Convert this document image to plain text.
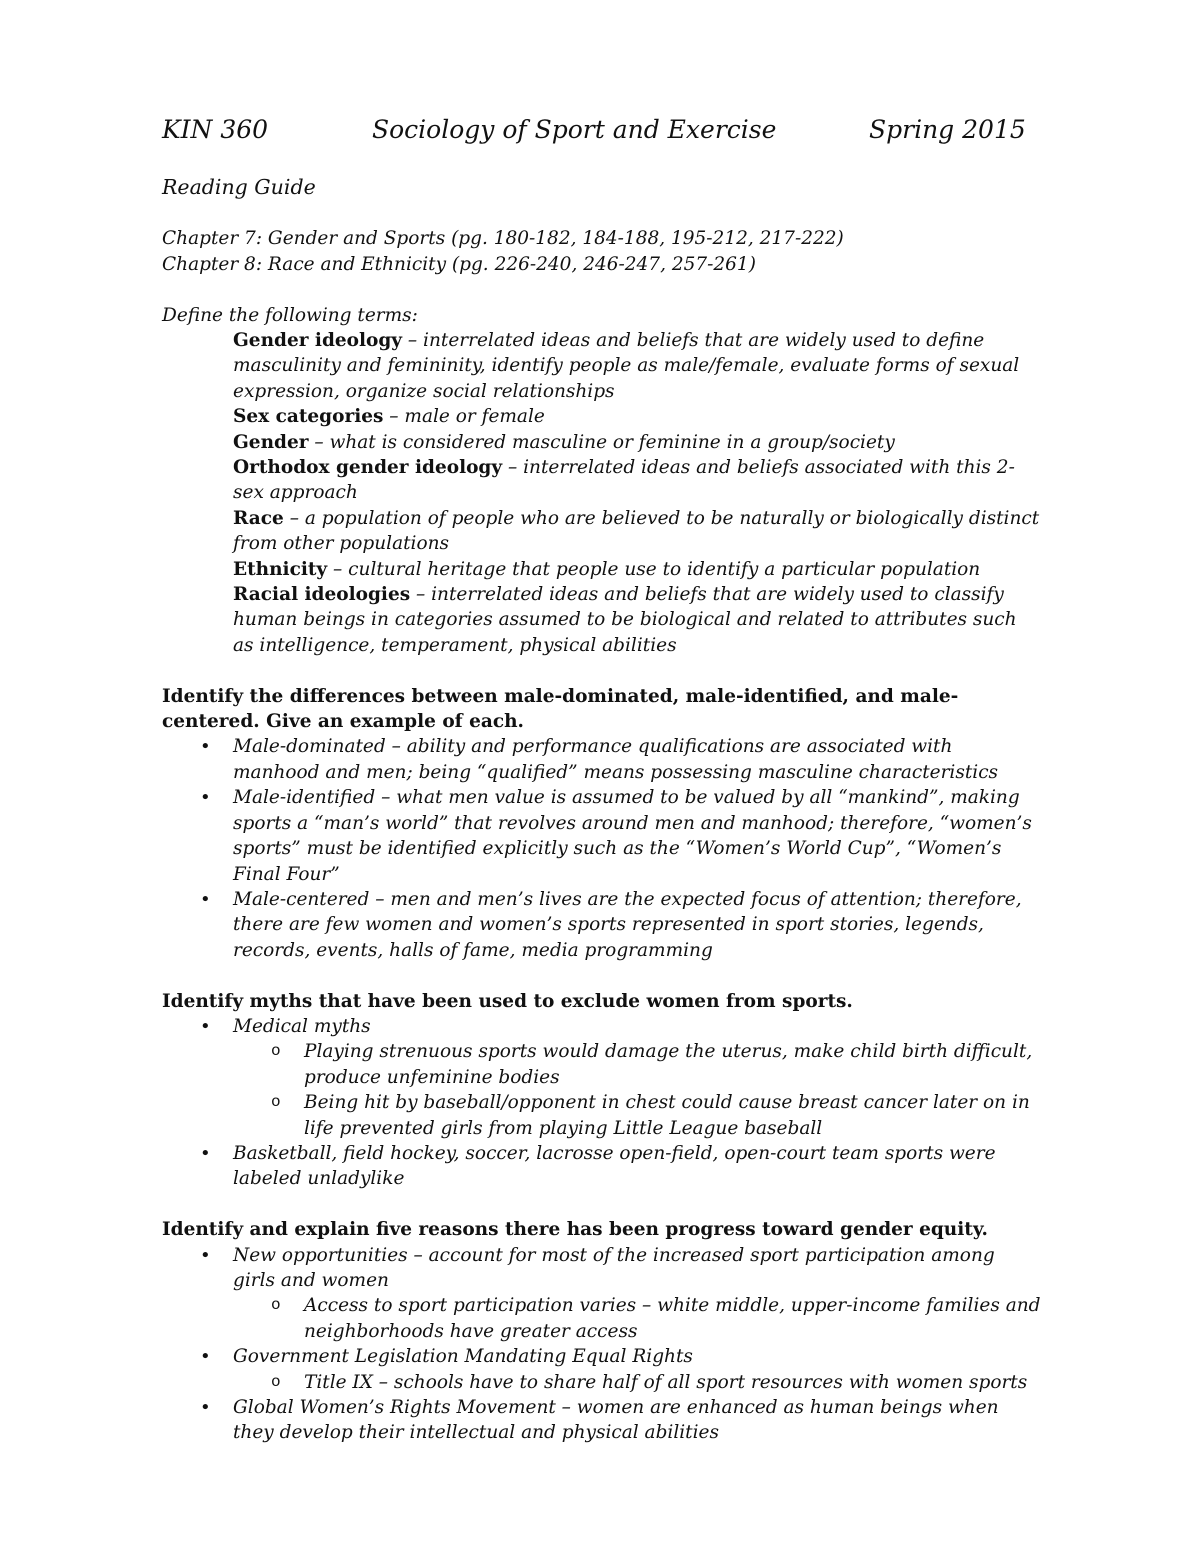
KIN 360	Sociology of Sport and Exercise	Spring 2015

Reading Guide

Chapter 7: Gender and Sports (pg. 180-182, 184-188, 195-212, 217-222)

Chapter 8: Race and Ethnicity (pg. 226-240, 246-247, 257-261)

Define the following terms:

Gender ideology – interrelated ideas and beliefs that are widely used to define masculinity and femininity, identify people as male/female, evaluate forms of sexual expression, organize social relationships

Sex categories – male or female

Gender – what is considered masculine or feminine in a group/society

Orthodox gender ideology – interrelated ideas and beliefs associated with this 2-sex approach

Race – a population of people who are believed to be naturally or biologically distinct from other populations

Ethnicity – cultural heritage that people use to identify a particular population

Racial ideologies – interrelated ideas and beliefs that are widely used to classify human beings in categories assumed to be biological and related to attributes such as intelligence, temperament, physical abilities

Identify the differences between male-dominated, male-identified, and male-centered. Give an example of each.

• Male-dominated – ability and performance qualifications are associated with manhood and men; being “qualified” means possessing masculine characteristics
• Male-identified – what men value is assumed to be valued by all “mankind”, making sports a “man’s world” that revolves around men and manhood; therefore, “women’s sports” must be identified explicitly such as the “Women’s World Cup”, “Women’s Final Four”
• Male-centered – men and men’s lives are the expected focus of attention; therefore, there are few women and women’s sports represented in sport stories, legends, records, events, halls of fame, media programming

Identify myths that have been used to exclude women from sports.

• Medical myths
o Playing strenuous sports would damage the uterus, make child birth difficult, produce unfeminine bodies
o Being hit by baseball/opponent in chest could cause breast cancer later on in life prevented girls from playing Little League baseball
• Basketball, field hockey, soccer, lacrosse open-field, open-court team sports were labeled unladylike

Identify and explain five reasons there has been progress toward gender equity.

• New opportunities – account for most of the increased sport participation among girls and women
o Access to sport participation varies – white middle, upper-income families and neighborhoods have greater access
• Government Legislation Mandating Equal Rights
o Title IX – schools have to share half of all sport resources with women sports
• Global Women’s Rights Movement – women are enhanced as human beings when they develop their intellectual and physical abilities
